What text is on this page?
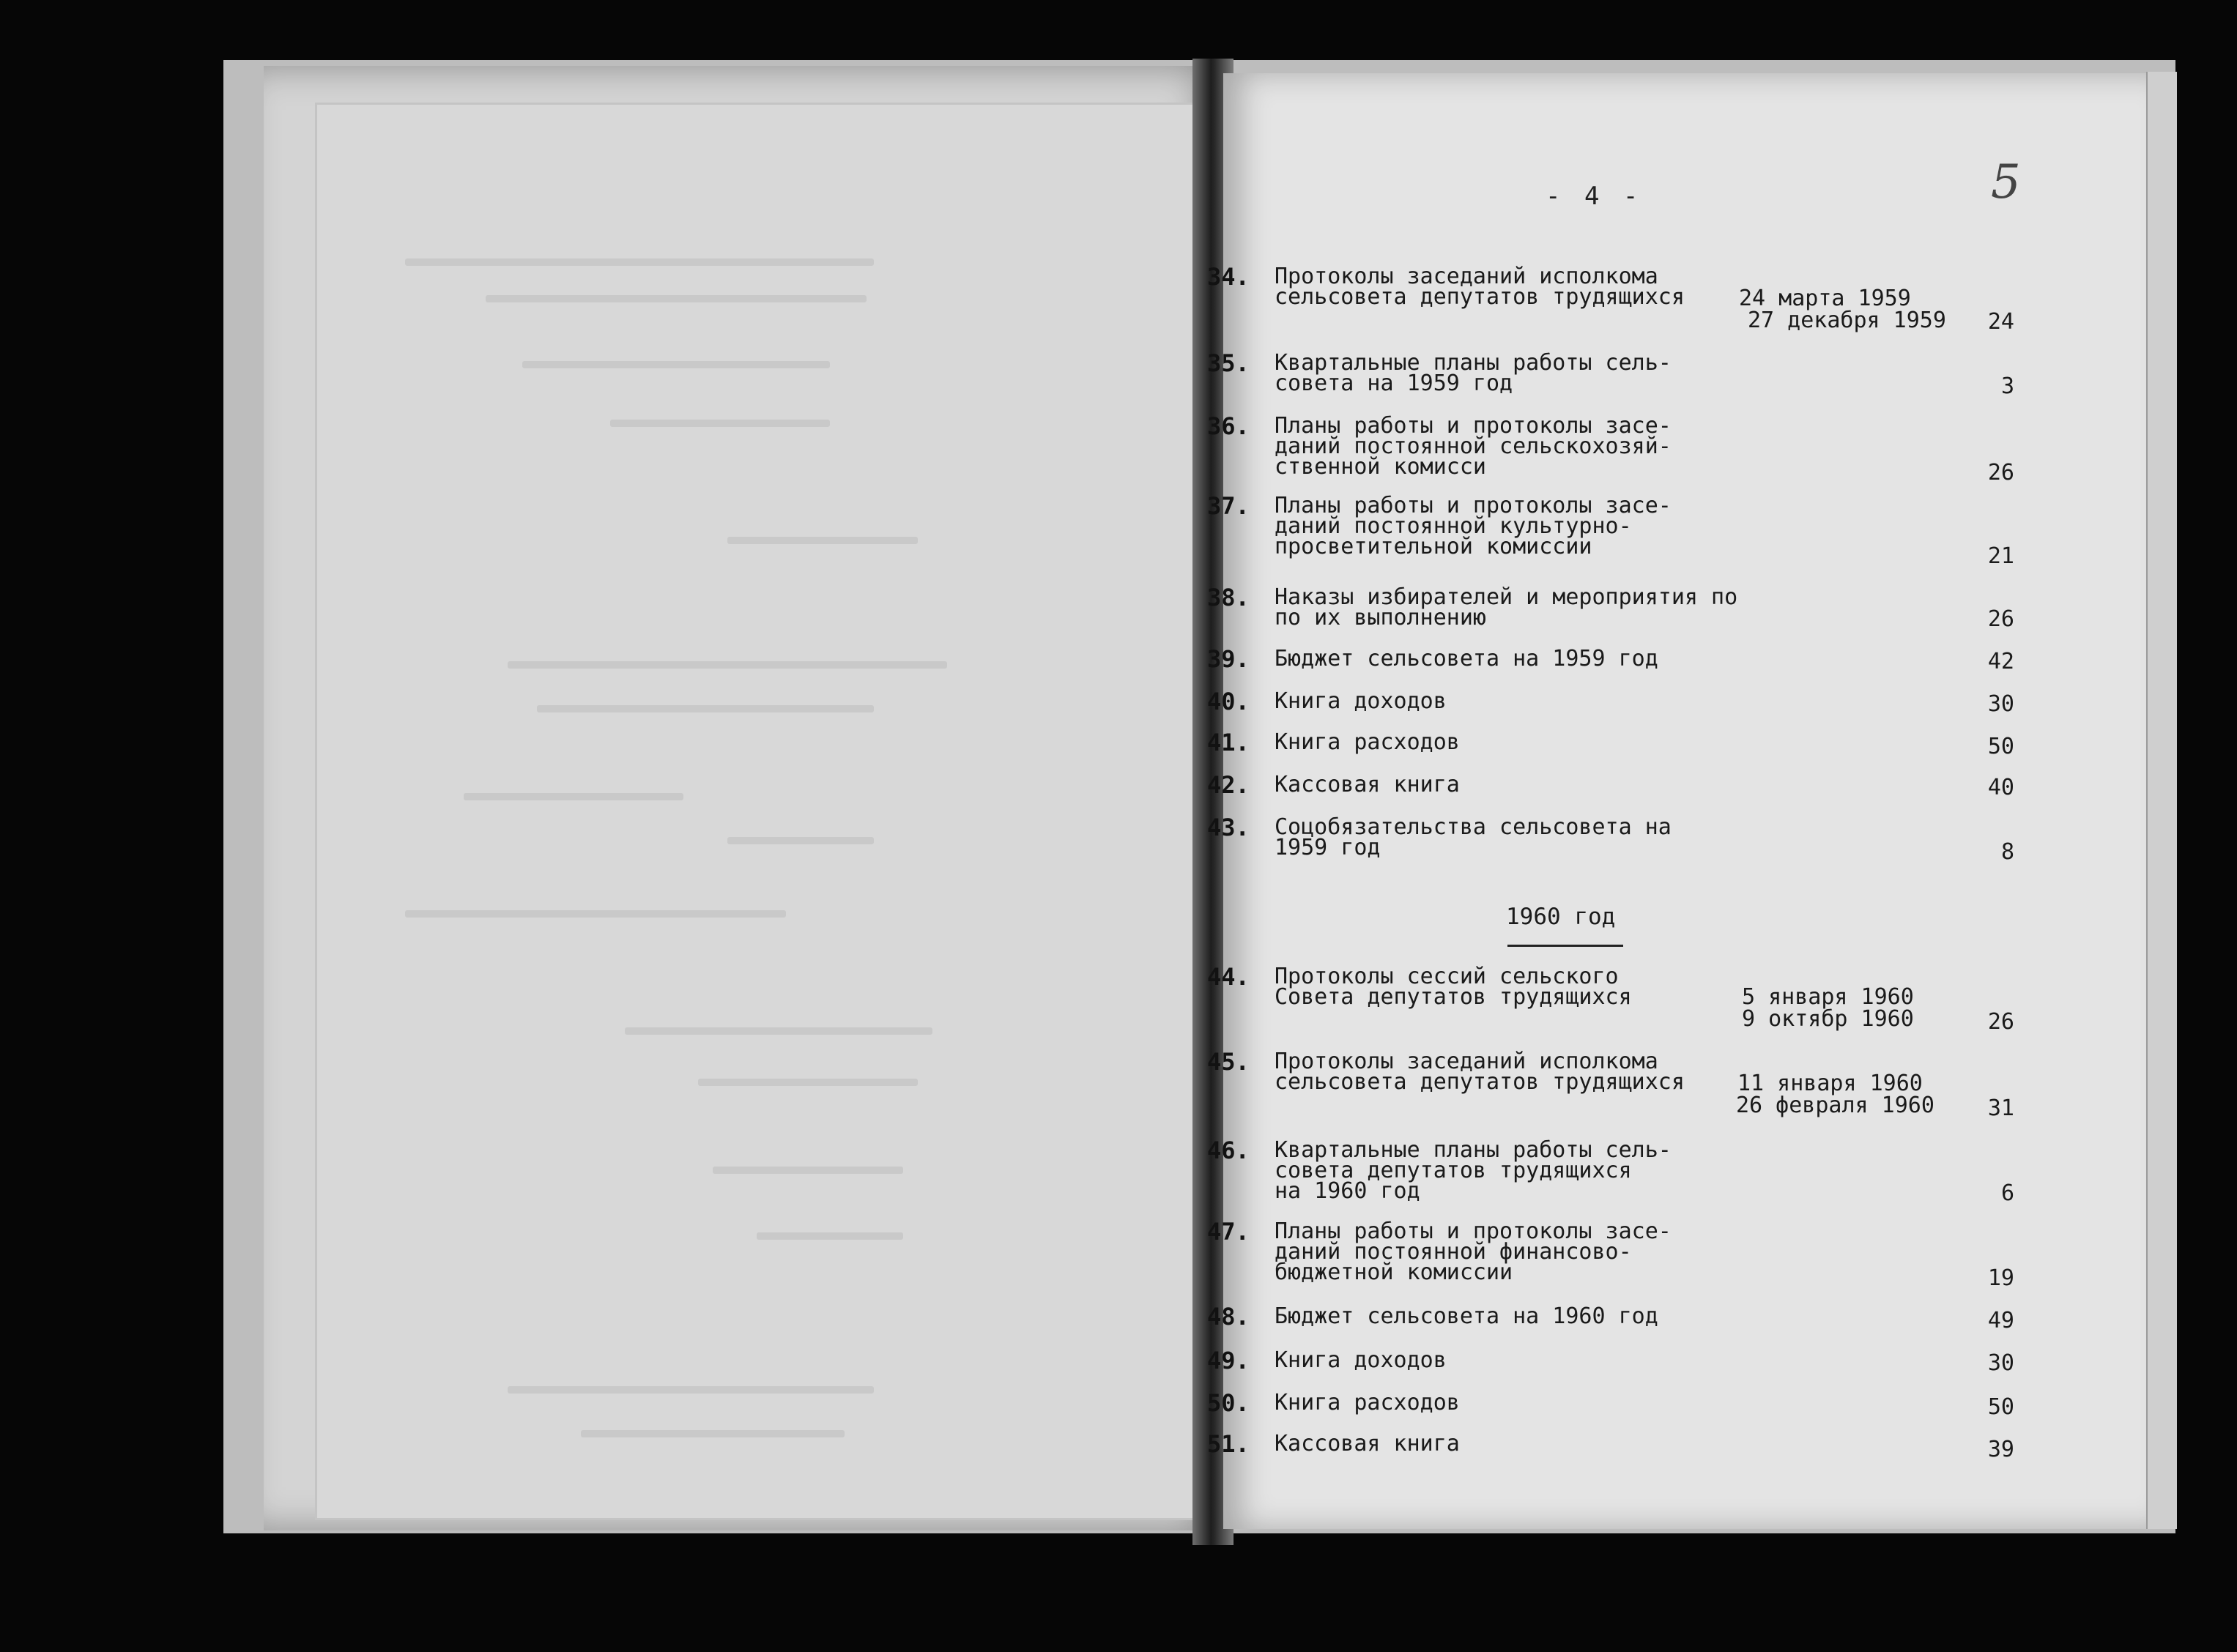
- 4 -	5
1960 год
34. Протоколы заседаний исполкома
сельсовета депутатов трудящихся 24 марта 1959
27 декабря 1959	24
35. Квартальные планы работы сель-
совета на 1959 год	3
36. Планы работы и протоколы засе-
даний постоянной сельскохозяй-
ственной комисси	26
37. Планы работы и протоколы засе-
даний постоянной культурно-
просветительной комиссии	21
38. Наказы избирателей и мероприятия по
по их выполнению	26
39. Бюджет сельсовета на 1959 год	42
40. Книга доходов	30
41. Книга расходов	50
42. Кассовая книга	40
43. Соцобязательства сельсовета на
1959 год	8
44. Протоколы сессий сельского
Совета депутатов трудящихся	5 января 1960
9 октябр 1960	26
45. Протоколы заседаний исполкома
сельсовета депутатов трудящихся 11 января 1960
26 февраля 1960	31
46. Квартальные планы работы сель-
совета депутатов трудящихся
на 1960 год	6
47. Планы работы и протоколы засе-
даний постоянной финансово-
бюджетной комиссии	19
48. Бюджет сельсовета на 1960 год	49
49. Книга доходов	30
50. Книга расходов	50
51. Кассовая книга	39
